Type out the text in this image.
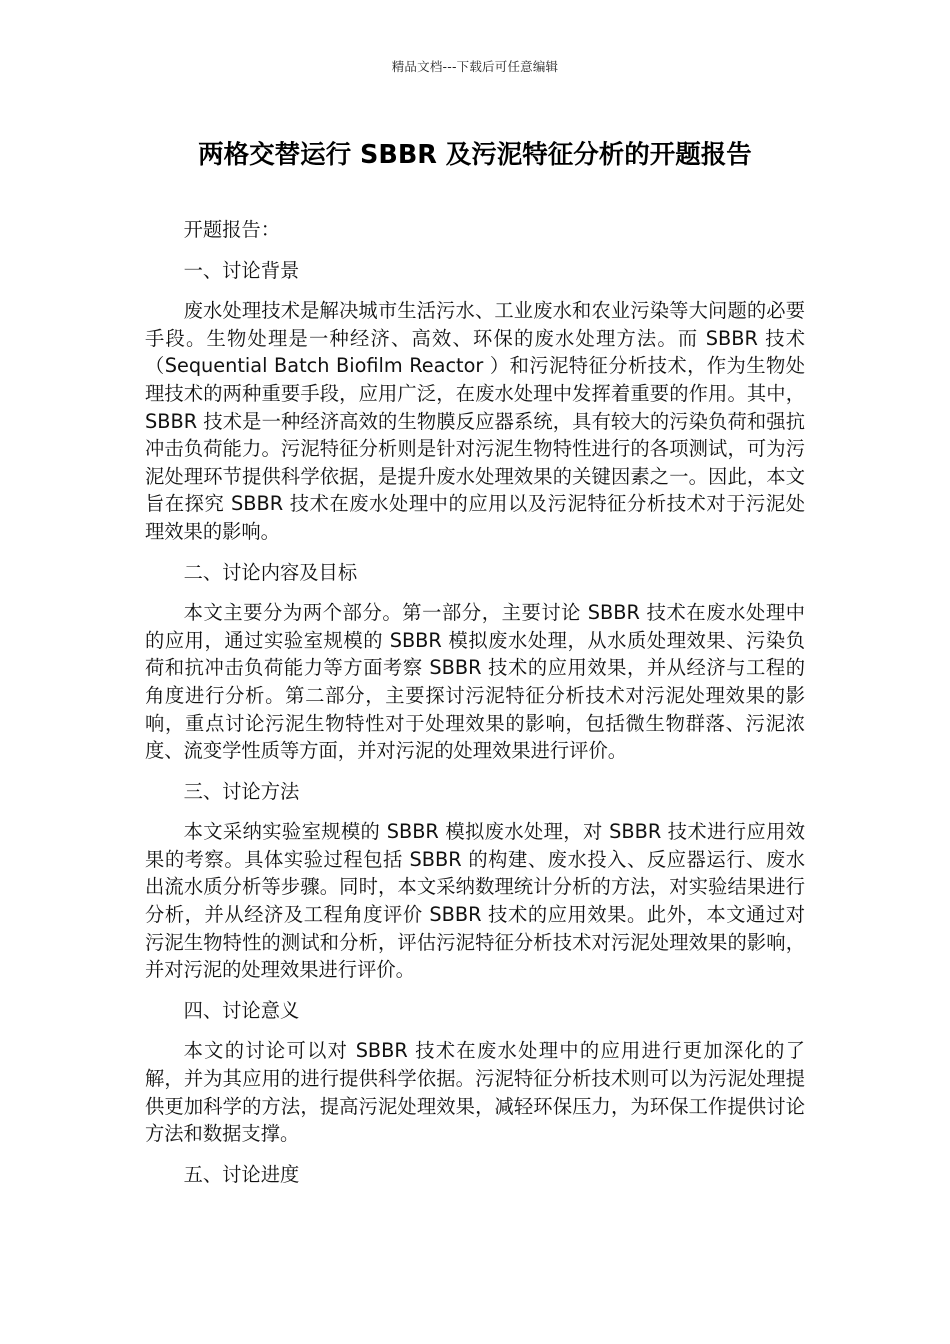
精品文档---下载后可任意编辑
两格交替运行 SBBR 及污泥特征分析的开题报告

开题报告：

一、讨论背景

废水处理技术是解决城市生活污水、工业废水和农业污染等大问题的必要手段。生物处理是一种经济、高效、环保的废水处理方法。而 SBBR 技术（Sequential Batch Biofilm Reactor ）和污泥特征分析技术，作为生物处理技术的两种重要手段，应用广泛，在废水处理中发挥着重要的作用。其中，SBBR 技术是一种经济高效的生物膜反应器系统，具有较大的污染负荷和强抗冲击负荷能力。污泥特征分析则是针对污泥生物特性进行的各项测试，可为污泥处理环节提供科学依据，是提升废水处理效果的关键因素之一。因此，本文旨在探究 SBBR 技术在废水处理中的应用以及污泥特征分析技术对于污泥处理效果的影响。

二、讨论内容及目标

本文主要分为两个部分。第一部分，主要讨论 SBBR 技术在废水处理中的应用，通过实验室规模的 SBBR 模拟废水处理，从水质处理效果、污染负荷和抗冲击负荷能力等方面考察 SBBR 技术的应用效果，并从经济与工程的角度进行分析。第二部分，主要探讨污泥特征分析技术对污泥处理效果的影响，重点讨论污泥生物特性对于处理效果的影响，包括微生物群落、污泥浓度、流变学性质等方面，并对污泥的处理效果进行评价。

三、讨论方法

本文采纳实验室规模的 SBBR 模拟废水处理，对 SBBR 技术进行应用效果的考察。具体实验过程包括 SBBR 的构建、废水投入、反应器运行、废水出流水质分析等步骤。同时，本文采纳数理统计分析的方法，对实验结果进行分析，并从经济及工程角度评价 SBBR 技术的应用效果。此外，本文通过对污泥生物特性的测试和分析，评估污泥特征分析技术对污泥处理效果的影响，并对污泥的处理效果进行评价。

四、讨论意义

本文的讨论可以对 SBBR 技术在废水处理中的应用进行更加深化的了解，并为其应用的进行提供科学依据。污泥特征分析技术则可以为污泥处理提供更加科学的方法，提高污泥处理效果，减轻环保压力，为环保工作提供讨论方法和数据支撑。

五、讨论进度
